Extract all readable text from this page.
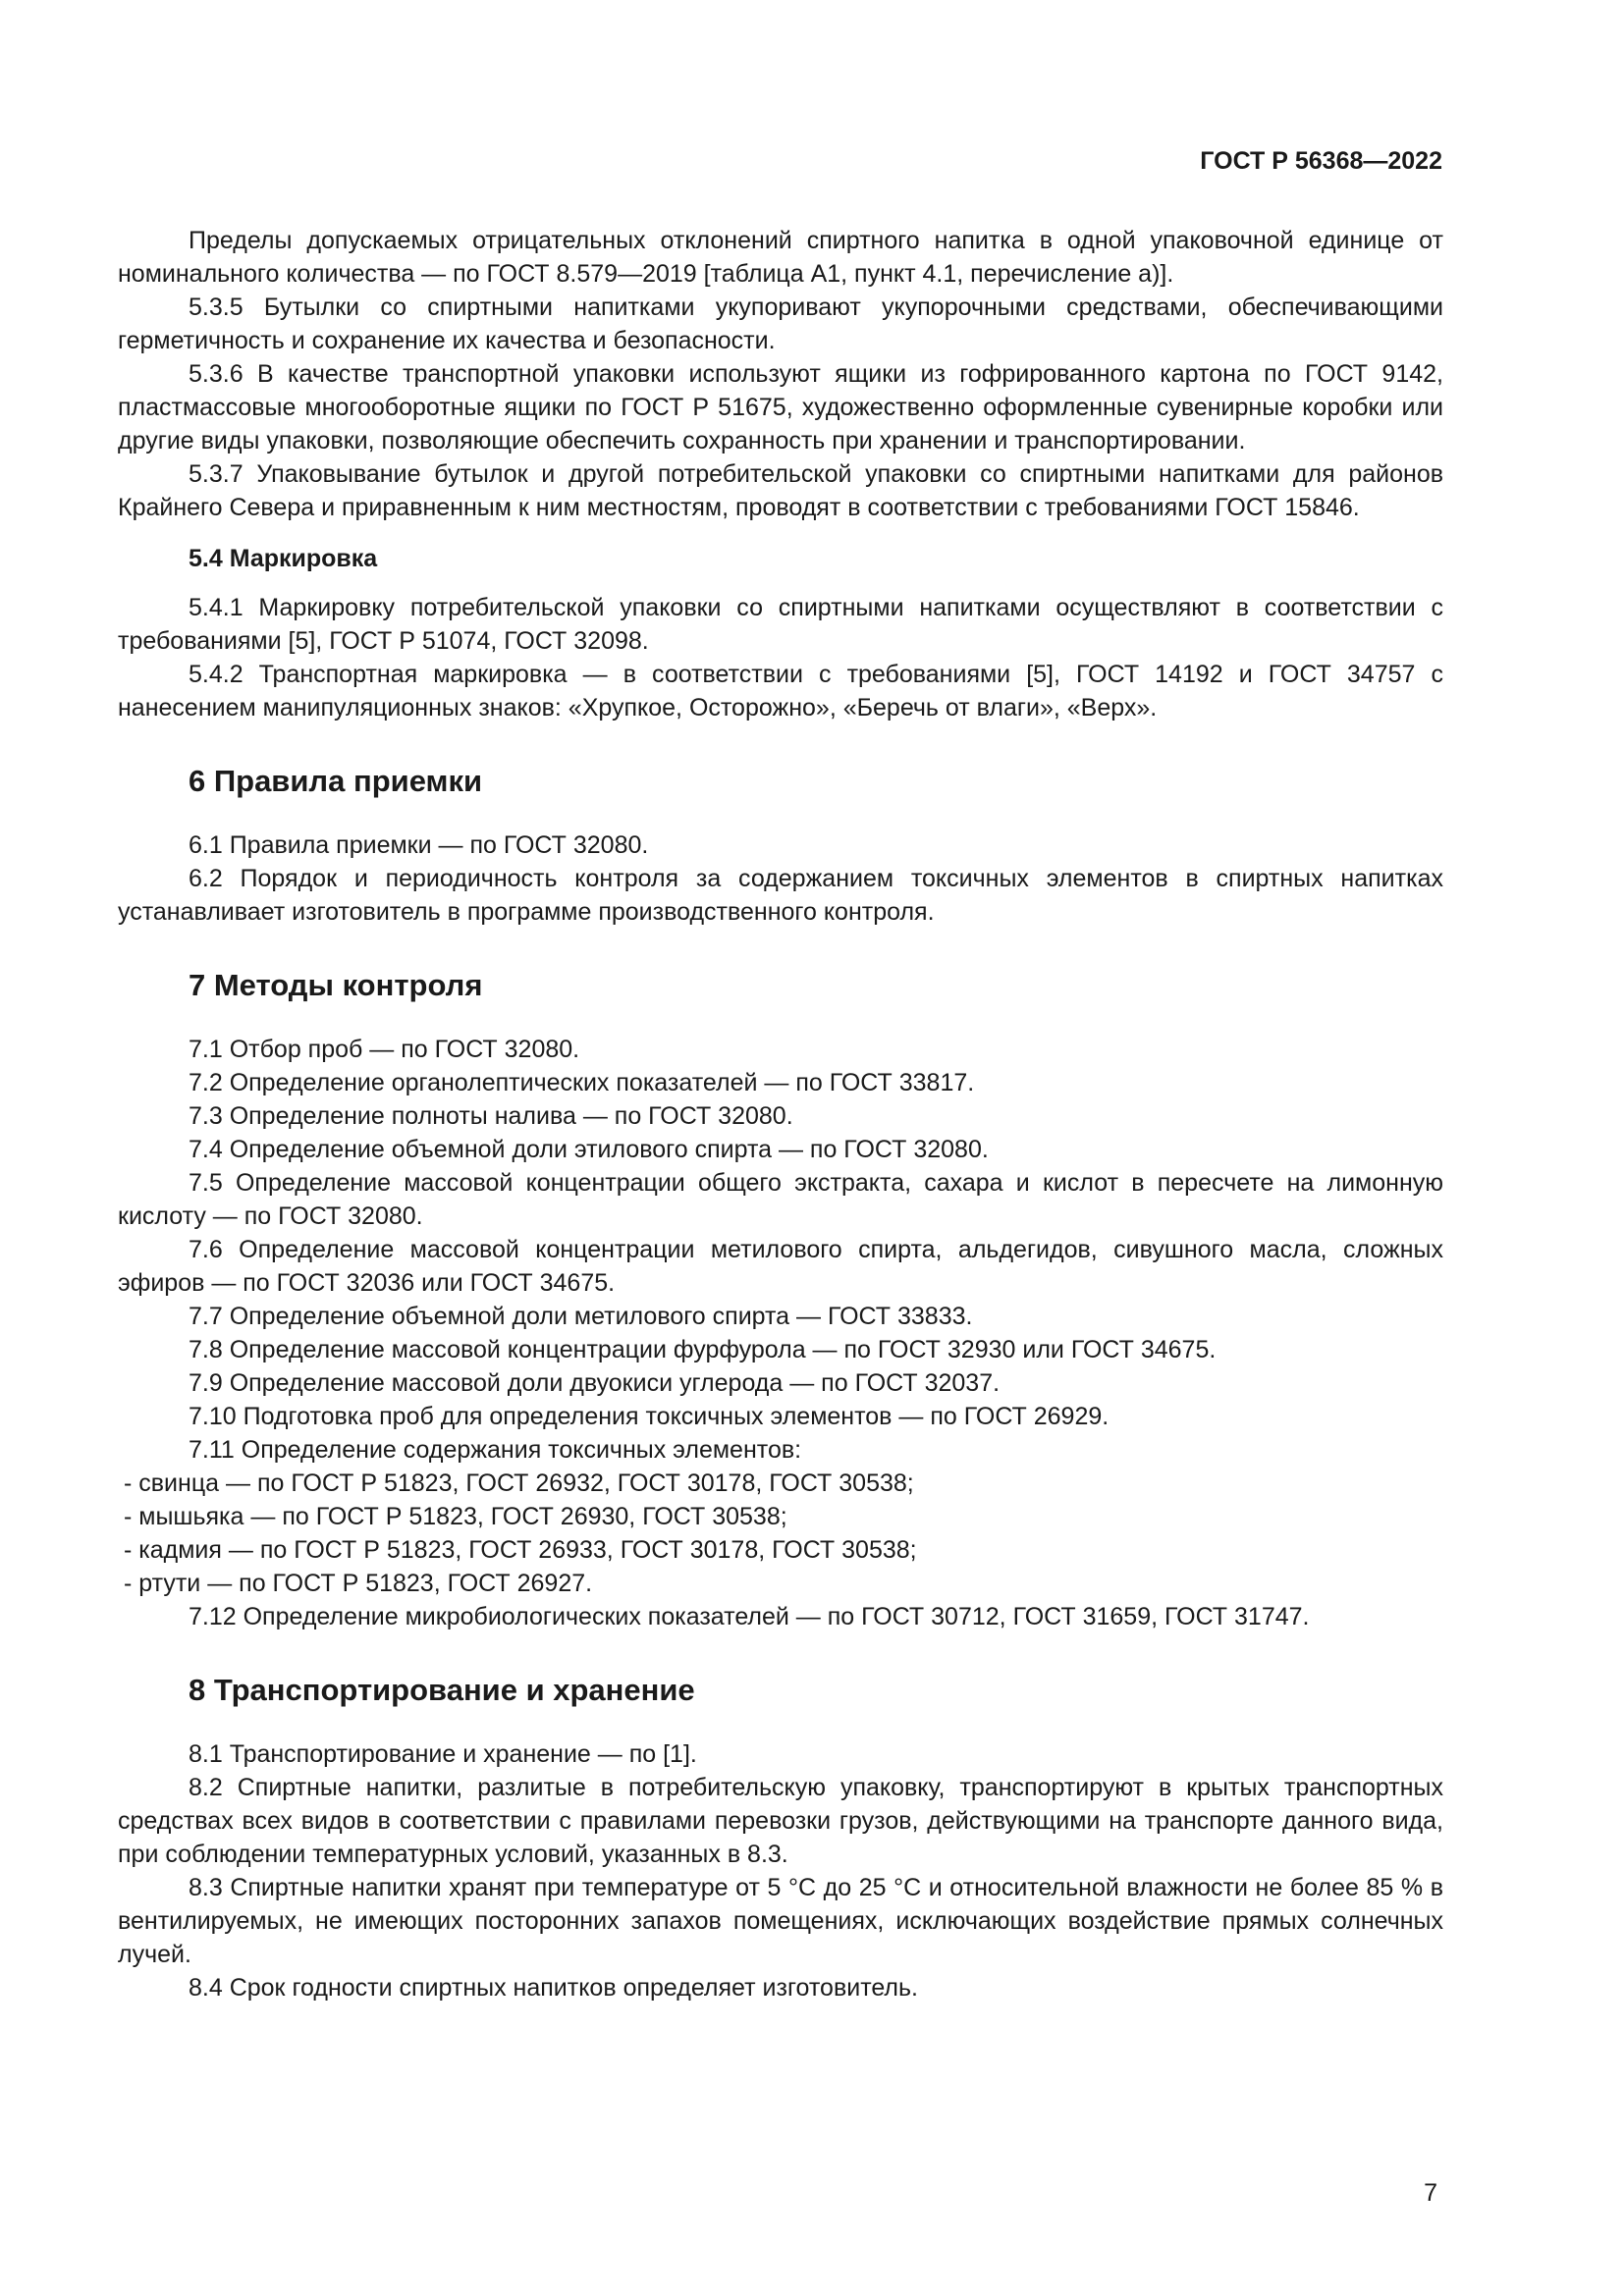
ГОСТ Р 56368—2022

Пределы допускаемых отрицательных отклонений спиртного напитка в одной упаковочной единице от номинального количества — по ГОСТ 8.579—2019 [таблица А1, пункт 4.1, перечисление а)].

5.3.5 Бутылки со спиртными напитками укупоривают укупорочными средствами, обеспечивающими герметичность и сохранение их качества и безопасности.

5.3.6 В качестве транспортной упаковки используют ящики из гофрированного картона по ГОСТ 9142, пластмассовые многооборотные ящики по ГОСТ Р 51675, художественно оформленные сувенирные коробки или другие виды упаковки, позволяющие обеспечить сохранность при хранении и транспортировании.

5.3.7 Упаковывание бутылок и другой потребительской упаковки со спиртными напитками для районов Крайнего Севера и приравненным к ним местностям, проводят в соответствии с требованиями ГОСТ 15846.

5.4 Маркировка

5.4.1 Маркировку потребительской упаковки со спиртными напитками осуществляют в соответствии с требованиями [5], ГОСТ Р 51074, ГОСТ 32098.

5.4.2 Транспортная маркировка — в соответствии с требованиями [5], ГОСТ 14192 и ГОСТ 34757 с нанесением манипуляционных знаков: «Хрупкое, Осторожно», «Беречь от влаги», «Верх».

6 Правила приемки

6.1 Правила приемки — по ГОСТ 32080.

6.2 Порядок и периодичность контроля за содержанием токсичных элементов в спиртных напитках устанавливает изготовитель в программе производственного контроля.

7 Методы контроля

7.1 Отбор проб — по ГОСТ 32080.

7.2 Определение органолептических показателей — по ГОСТ 33817.

7.3 Определение полноты налива — по ГОСТ 32080.

7.4 Определение объемной доли этилового спирта — по ГОСТ 32080.

7.5 Определение массовой концентрации общего экстракта, сахара и кислот в пересчете на лимонную кислоту — по ГОСТ 32080.

7.6 Определение массовой концентрации метилового спирта, альдегидов, сивушного масла, сложных эфиров — по ГОСТ 32036 или ГОСТ 34675.

7.7 Определение объемной доли метилового спирта — ГОСТ 33833.

7.8 Определение массовой концентрации фурфурола — по ГОСТ 32930 или ГОСТ 34675.

7.9 Определение массовой доли двуокиси углерода — по ГОСТ 32037.

7.10 Подготовка проб для определения токсичных элементов — по ГОСТ 26929.

7.11 Определение содержания токсичных элементов:

- свинца — по ГОСТ Р 51823, ГОСТ 26932, ГОСТ 30178, ГОСТ 30538;

- мышьяка — по ГОСТ Р 51823, ГОСТ 26930, ГОСТ 30538;

- кадмия — по ГОСТ Р 51823, ГОСТ 26933, ГОСТ 30178, ГОСТ 30538;

- ртути — по ГОСТ Р 51823, ГОСТ 26927.

7.12 Определение микробиологических показателей — по ГОСТ 30712, ГОСТ 31659, ГОСТ 31747.

8 Транспортирование и хранение

8.1 Транспортирование и хранение — по [1].

8.2 Спиртные напитки, разлитые в потребительскую упаковку, транспортируют в крытых транспортных средствах всех видов в соответствии с правилами перевозки грузов, действующими на транспорте данного вида, при соблюдении температурных условий, указанных в 8.3.

8.3 Спиртные напитки хранят при температуре от 5 °С до 25 °С и относительной влажности не более 85 % в вентилируемых, не имеющих посторонних запахов помещениях, исключающих воздействие прямых солнечных лучей.

8.4 Срок годности спиртных напитков определяет изготовитель.

7
